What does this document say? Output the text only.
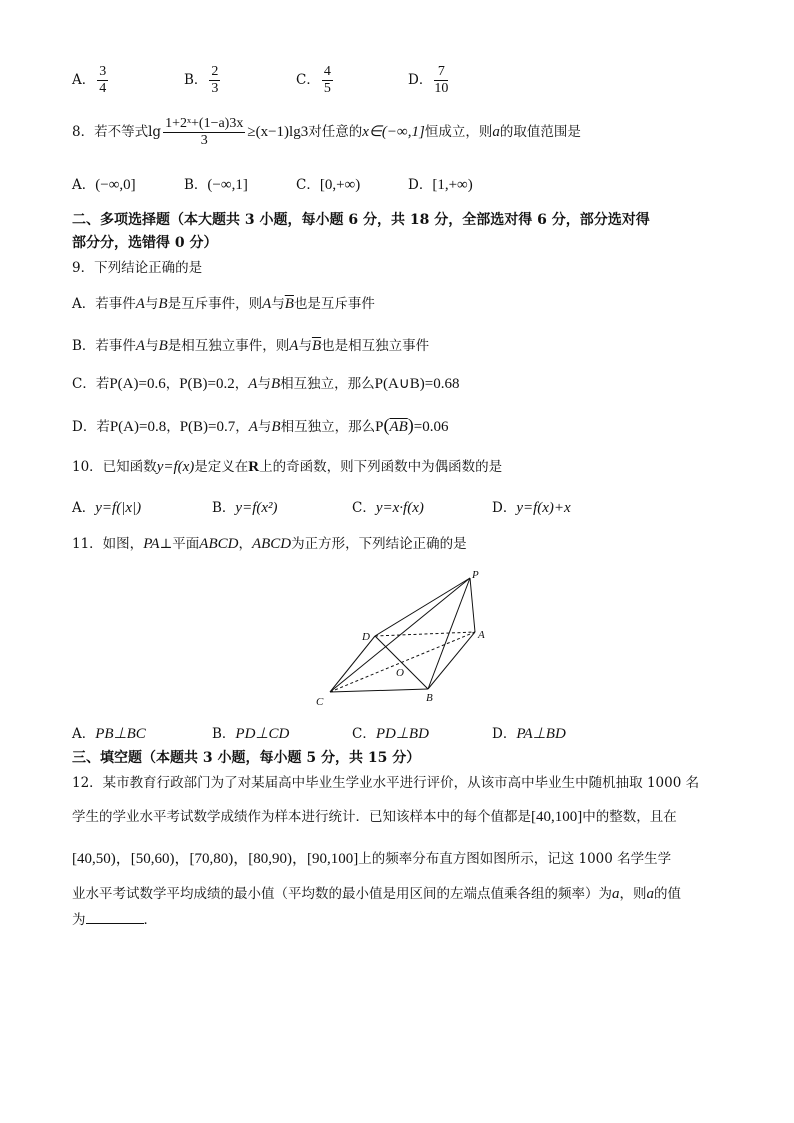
A． $\frac{3}{4}$	B． $\frac{2}{3}$	C． $\frac{4}{5}$	D． $\frac{7}{10}$
8．若不等式$\lg \frac{\text{1+2ˣ+(1−a)3x}}{3} \ge(x-1)\lg 3$对任意的x∈(−∞,1]恒成立，则a的取值范围是
A．(−∞,0]	B．(−∞,1]	C．[0,+∞)	D．[1,+∞)
二、多项选择题（本大题共 3 小题，每小题 6 分，共 18 分，全部选对得 6 分，部分选对得
部分分，选错得 0 分）
9．下列结论正确的是
A．若事件A与B是互斥事件，则A与$\overline{B}$也是互斥事件
B．若事件A与B是相互独立事件，则A与$\overline{B}$也是相互独立事件
C．若P(A)=0.6，P(B)=0.2，A与B相互独立，那么P(A∪B)=0.68
D．若P(A)=0.8，P(B)=0.7，A与B相互独立，那么$P(\overline{AB})=0.06$
10．已知函数y=f(x)是定义在R上的奇函数，则下列函数中为偶函数的是
A．y=f(|x|)	B．y=f(x²)	C．y=x·f(x)	D．y=f(x)+x
11．如图，PA⊥平面ABCD，ABCD为正方形，下列结论正确的是
P
D	A
O
B
C
A．PB⊥BC	B．PD⊥CD	C．PD⊥BD	D．PA⊥BD
三、填空题（本题共 3 小题，每小题 5 分，共 15 分）
12．某市教育行政部门为了对某届高中毕业生学业水平进行评价，从该市高中毕业生中随机抽取 1000 名
学生的学业水平考试数学成绩作为样本进行统计．已知该样本中的每个值都是[40,100]中的整数，且在
[40,50)，[50,60)，[70,80)，[80,90)，[90,100]上的频率分布直方图如图所示，记这 1000 名学生学
业水平考试数学平均成绩的最小值（平均数的最小值是用区间的左端点值乘各组的频率）为a，则a的值
为	．
